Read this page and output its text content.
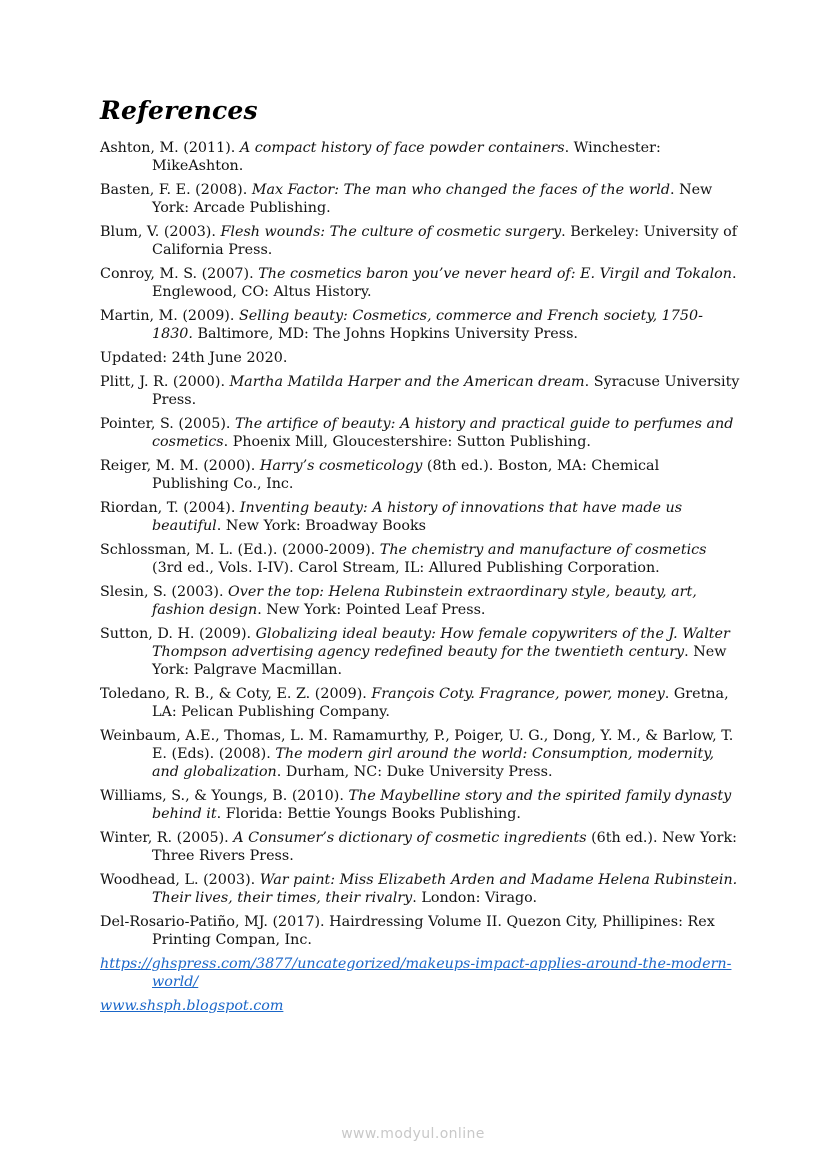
References
Ashton, M. (2011). A compact history of face powder containers. Winchester: MikeAshton.
Basten, F. E. (2008). Max Factor: The man who changed the faces of the world. New York: Arcade Publishing.
Blum, V. (2003). Flesh wounds: The culture of cosmetic surgery. Berkeley: University of California Press.
Conroy, M. S. (2007). The cosmetics baron you’ve never heard of: E. Virgil and Tokalon. Englewood, CO: Altus History.
Martin, M. (2009). Selling beauty: Cosmetics, commerce and French society, 1750-1830. Baltimore, MD: The Johns Hopkins University Press.
Updated: 24th June 2020.
Plitt, J. R. (2000). Martha Matilda Harper and the American dream. Syracuse University Press.
Pointer, S. (2005). The artifice of beauty: A history and practical guide to perfumes and cosmetics. Phoenix Mill, Gloucestershire: Sutton Publishing.
Reiger, M. M. (2000). Harry’s cosmeticology (8th ed.). Boston, MA: Chemical Publishing Co., Inc.
Riordan, T. (2004). Inventing beauty: A history of innovations that have made us beautiful. New York: Broadway Books
Schlossman, M. L. (Ed.). (2000-2009). The chemistry and manufacture of cosmetics (3rd ed., Vols. I-IV). Carol Stream, IL: Allured Publishing Corporation.
Slesin, S. (2003). Over the top: Helena Rubinstein extraordinary style, beauty, art, fashion design. New York: Pointed Leaf Press.
Sutton, D. H. (2009). Globalizing ideal beauty: How female copywriters of the J. Walter Thompson advertising agency redefined beauty for the twentieth century. New York: Palgrave Macmillan.
Toledano, R. B., & Coty, E. Z. (2009). François Coty. Fragrance, power, money. Gretna, LA: Pelican Publishing Company.
Weinbaum, A.E., Thomas, L. M. Ramamurthy, P., Poiger, U. G., Dong, Y. M., & Barlow, T. E. (Eds). (2008). The modern girl around the world: Consumption, modernity, and globalization. Durham, NC: Duke University Press.
Williams, S., & Youngs, B. (2010). The Maybelline story and the spirited family dynasty behind it. Florida: Bettie Youngs Books Publishing.
Winter, R. (2005). A Consumer’s dictionary of cosmetic ingredients (6th ed.). New York: Three Rivers Press.
Woodhead, L. (2003). War paint: Miss Elizabeth Arden and Madame Helena Rubinstein. Their lives, their times, their rivalry. London: Virago.
Del-Rosario-Patiño, MJ. (2017). Hairdressing Volume II. Quezon City, Phillipines: Rex Printing Compan, Inc.
https://ghspress.com/3877/uncategorized/makeups-impact-applies-around-the-modern-world/
www.shsph.blogspot.com
www.modyul.online
